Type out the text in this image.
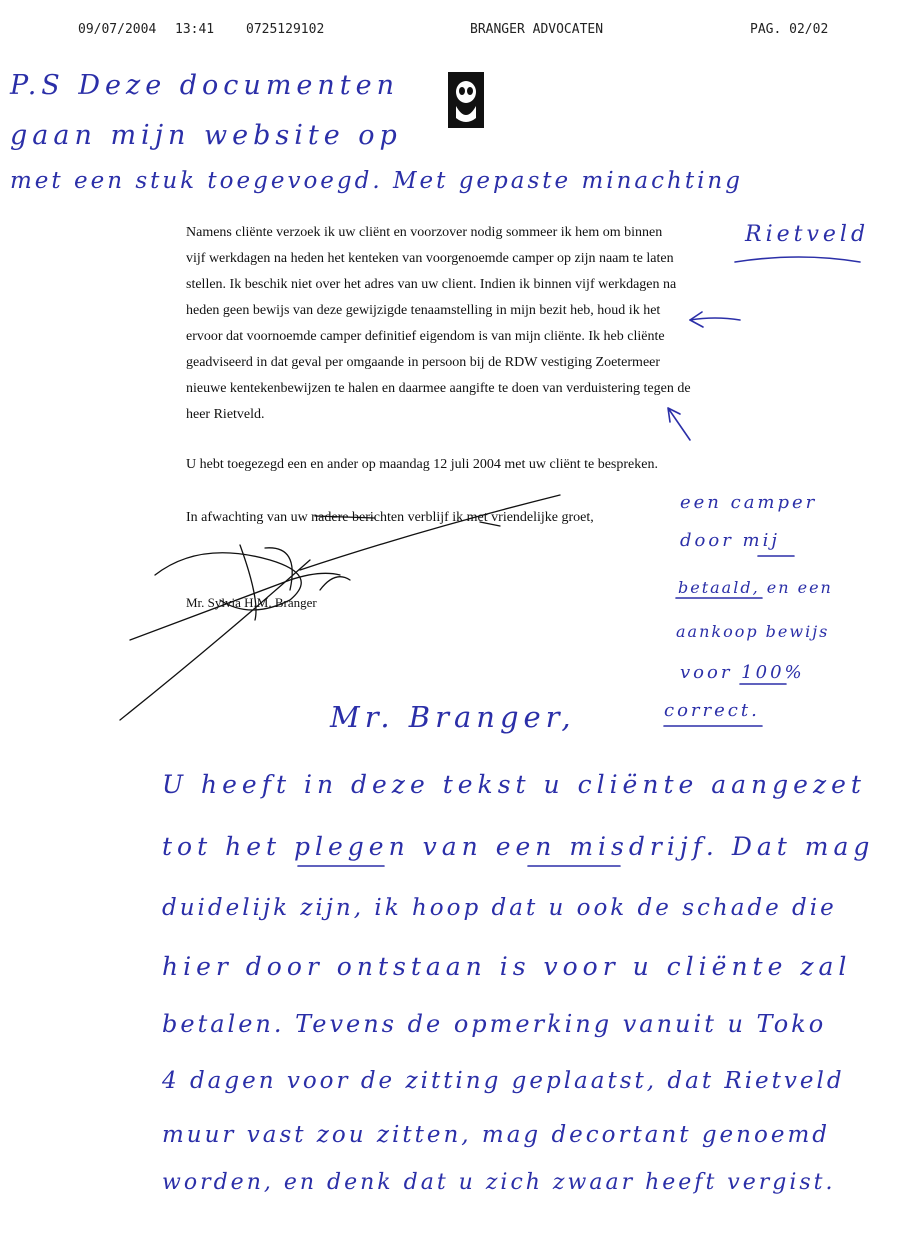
09/07/2004 13:41 0725129102	BRANGER ADVOCATEN	PAG. 02/02
P.S Deze documenten
gaan mijn website op
met een stuk toegevoegd. Met gepaste minachting
Rietveld
Namens cliënte verzoek ik uw cliënt en voorzover nodig sommeer ik hem om binnen
vijf werkdagen na heden het kenteken van voorgenoemde camper op zijn naam te laten
stellen. Ik beschik niet over het adres van uw client. Indien ik binnen vijf werkdagen na
heden geen bewijs van deze gewijzigde tenaamstelling in mijn bezit heb, houd ik het
ervoor dat voornoemde camper definitief eigendom is van mijn cliënte. Ik heb cliënte
geadviseerd in dat geval per omgaande in persoon bij de RDW vestiging Zoetermeer
nieuwe kentekenbewijzen te halen en daarmee aangifte te doen van verduistering tegen de
heer Rietveld.
U hebt toegezegd een en ander op maandag 12 juli 2004 met uw cliënt te bespreken.
In afwachting van uw nadere berichten verblijf ik met vriendelijke groet,
Mr. Sylvia H.M. Branger
een camper
door mij
betaald, en een
aankoop bewijs
voor 100%
correct.
Mr. Branger,
U heeft in deze tekst u cliënte aangezet
tot het plegen van een misdrijf. Dat mag
duidelijk zijn, ik hoop dat u ook de schade die
hier door ontstaan is voor u cliënte zal
betalen. Tevens de opmerking vanuit u Toko
4 dagen voor de zitting geplaatst, dat Rietveld
muur vast zou zitten, mag decortant genoemd
worden, en denk dat u zich zwaar heeft vergist.
